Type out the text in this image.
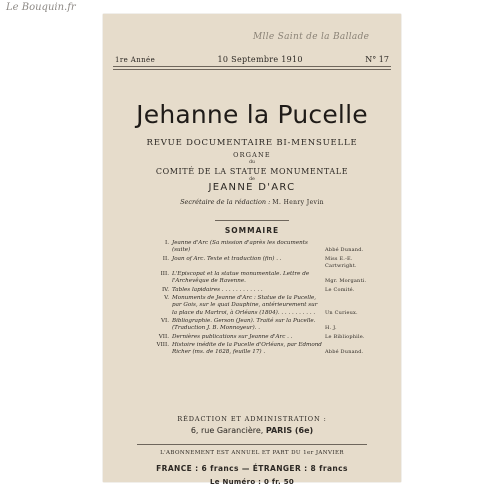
Le Bouquin.fr
Mlle Saint de la Ballade
1re Année	10 Septembre 1910	N° 17
Jehanne la Pucelle
REVUE DOCUMENTAIRE BI-MENSUELLE
ORGANE
du
COMITÉ DE LA STATUE MONUMENTALE
de
JEANNE D'ARC
Secrétaire de la rédaction : M. Henry Jevin
SOMMAIRE
I. Jeanne d'Arc (Sa mission d'après les documents (suite)	Abbé Dunand.
II. Joan of Arc. Texte et traduction (fin) . .	Miss E.-E. Cartwright.
III. L'Episcopat et la statue monumentale. Lettre de l'Archevêque de Ravenne.	Mgr. Morganti.
IV. Tables lapidaires . . . . . . . . . . . .	Le Comité.
V. Monuments de Jeanne d'Arc : Statue de la Pucelle, par Gois, sur le quai Dauphine, antérieurement sur la place du Martroi, à Orléans (1804). . . . . . . . . . .	Un Curieux.
VI. Bibliographie. Gerson (Jean). Traité sur la Pucelle. (Traduction J. B. Monnoyeur). .	H. J.
VII. Dernières publications sur Jeanne d'Arc . .	Le Bibliophile.
VIII. Histoire inédite de la Pucelle d'Orléans, par Edmond Richer (ms. de 1628, feuille 17) .	Abbé Dunand.
RÉDACTION ET ADMINISTRATION :
6, rue Garancière, PARIS (6e)
L'ABONNEMENT EST ANNUEL ET PART DU 1er JANVIER
FRANCE : 6 francs — ÉTRANGER : 8 francs
Le Numéro : 0 fr. 50
